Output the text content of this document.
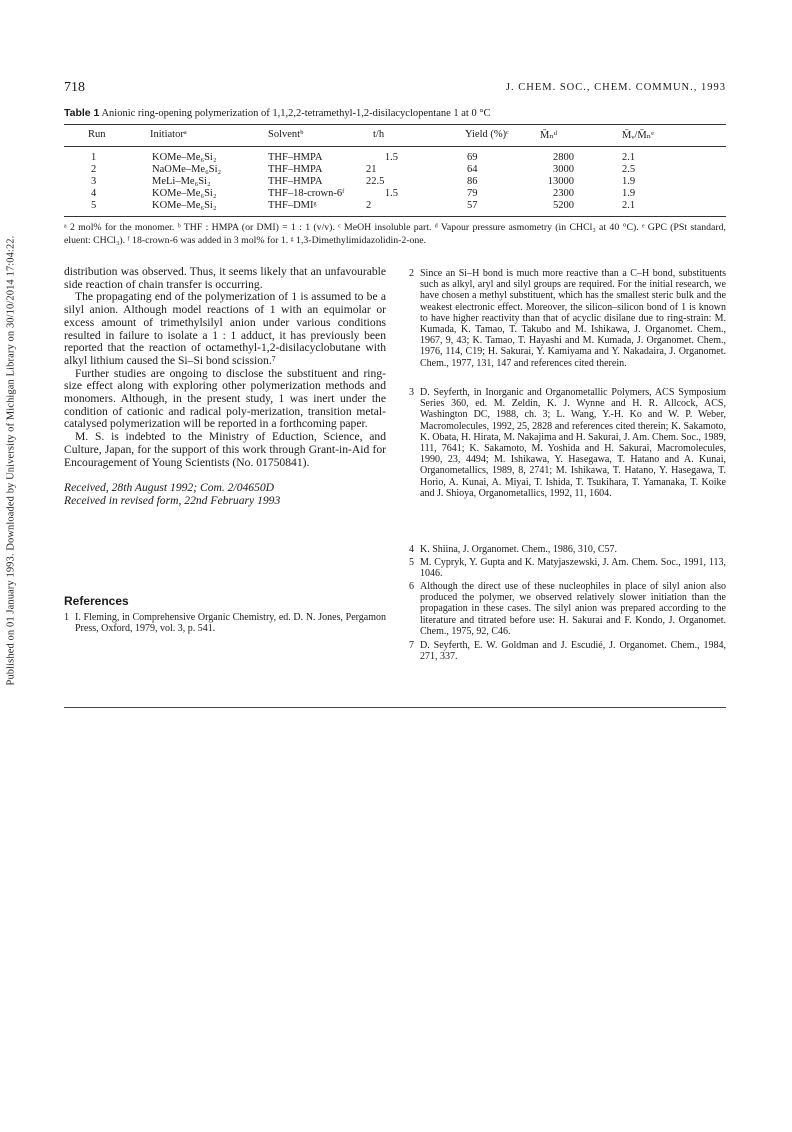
Published on 01 January 1993. Downloaded by University of Michigan Library on 30/10/2014 17:04:22.
718	J. CHEM. SOC., CHEM. COMMUN., 1993
Table 1 Anionic ring-opening polymerization of 1,1,2,2-tetramethyl-1,2-disilacyclopentane 1 at 0 °C
Run	Initiatorᵃ	Solventᵇ	t/h	Yield (%)ᶜ	M̄ₙᵈ	M̄ᵥ/M̄ₙᵉ
1	KOMe–Me₆Si₂	THF–HMPA	1.5	69	2800	2.1
2	NaOMe–Me₆Si₂	THF–HMPA	21	64	3000	2.5
3	MeLi–Me₆Si₂	THF–HMPA	22.5	86	13000	1.9
4	KOMe–Me₆Si₂	THF–18-crown-6ᶠ	1.5	79	2300	1.9
5	KOMe–Me₆Si₂	THF–DMIᵍ	2	57	5200	2.1
ᵃ 2 mol% for the monomer. ᵇ THF : HMPA (or DMI) = 1 : 1 (v/v). ᶜ MeOH insoluble part. ᵈ Vapour pressure asmometry (in CHCl₃ at 40 °C). ᵉ GPC (PSt standard, eluent: CHCl₃). ᶠ 18-crown-6 was added in 3 mol% for 1. ᵍ 1,3-Dimethylimidazolidin-2-one.

distribution was observed. Thus, it seems likely that an unfavourable side reaction of chain transfer is occurring.

The propagating end of the polymerization of 1 is assumed to be a silyl anion. Although model reactions of 1 with an equimolar or excess amount of trimethylsilyl anion under various conditions resulted in failure to isolate a 1 : 1 adduct, it has previously been reported that the reaction of octamethyl-1,2-disilacyclobutane with alkyl lithium caused the Si–Si bond scission.⁷

Further studies are ongoing to disclose the substituent and ring-size effect along with exploring other polymerization methods and monomers. Although, in the present study, 1 was inert under the condition of cationic and radical poly-merization, transition metal-catalysed polymerization will be reported in a forthcoming paper.

M. S. is indebted to the Ministry of Eduction, Science, and Culture, Japan, for the support of this work through Grant-in-Aid for Encouragement of Young Scientists (No. 01750841).

Received, 28th August 1992; Com. 2/04650D
Received in revised form, 22nd February 1993
References
1 I. Fleming, in Comprehensive Organic Chemistry, ed. D. N. Jones, Pergamon Press, Oxford, 1979, vol. 3, p. 541.
2 Since an Si–H bond is much more reactive than a C–H bond, substituents such as alkyl, aryl and silyl groups are required. For the initial research, we have chosen a methyl substituent, which has the smallest steric bulk and the weakest electronic effect. Moreover, the silicon–silicon bond of 1 is known to have higher reactivity than that of acyclic disilane due to ring-strain: M. Kumada, K. Tamao, T. Takubo and M. Ishikawa, J. Organomet. Chem., 1967, 9, 43; K. Tamao, T. Hayashi and M. Kumada, J. Organomet. Chem., 1976, 114, C19; H. Sakurai, Y. Kamiyama and Y. Nakadaira, J. Organomet. Chem., 1977, 131, 147 and references cited therein.
3 D. Seyferth, in Inorganic and Organometallic Polymers, ACS Symposium Series 360, ed. M. Zeldin, K. J. Wynne and H. R. Allcock, ACS, Washington DC, 1988, ch. 3; L. Wang, Y.-H. Ko and W. P. Weber, Macromolecules, 1992, 25, 2828 and references cited therein; K. Sakamoto, K. Obata, H. Hirata, M. Nakajima and H. Sakurai, J. Am. Chem. Soc., 1989, 111, 7641; K. Sakamoto, M. Yoshida and H. Sakurai, Macromolecules, 1990, 23, 4494; M. Ishikawa, Y. Hasegawa, T. Hatano and A. Kunai, Organometallics, 1989, 8, 2741; M. Ishikawa, T. Hatano, Y. Hasegawa, T. Horio, A. Kunai, A. Miyai, T. Ishida, T. Tsukihara, T. Yamanaka, T. Koike and J. Shioya, Organometallics, 1992, 11, 1604.
4 K. Shiina, J. Organomet. Chem., 1986, 310, C57.
5 M. Cypryk, Y. Gupta and K. Matyjaszewski, J. Am. Chem. Soc., 1991, 113, 1046.
6 Although the direct use of these nucleophiles in place of silyl anion also produced the polymer, we observed relatively slower initiation than the propagation in these cases. The silyl anion was prepared according to the literature and titrated before use: H. Sakurai and F. Kondo, J. Organomet. Chem., 1975, 92, C46.
7 D. Seyferth, E. W. Goldman and J. Escudié, J. Organomet. Chem., 1984, 271, 337.
